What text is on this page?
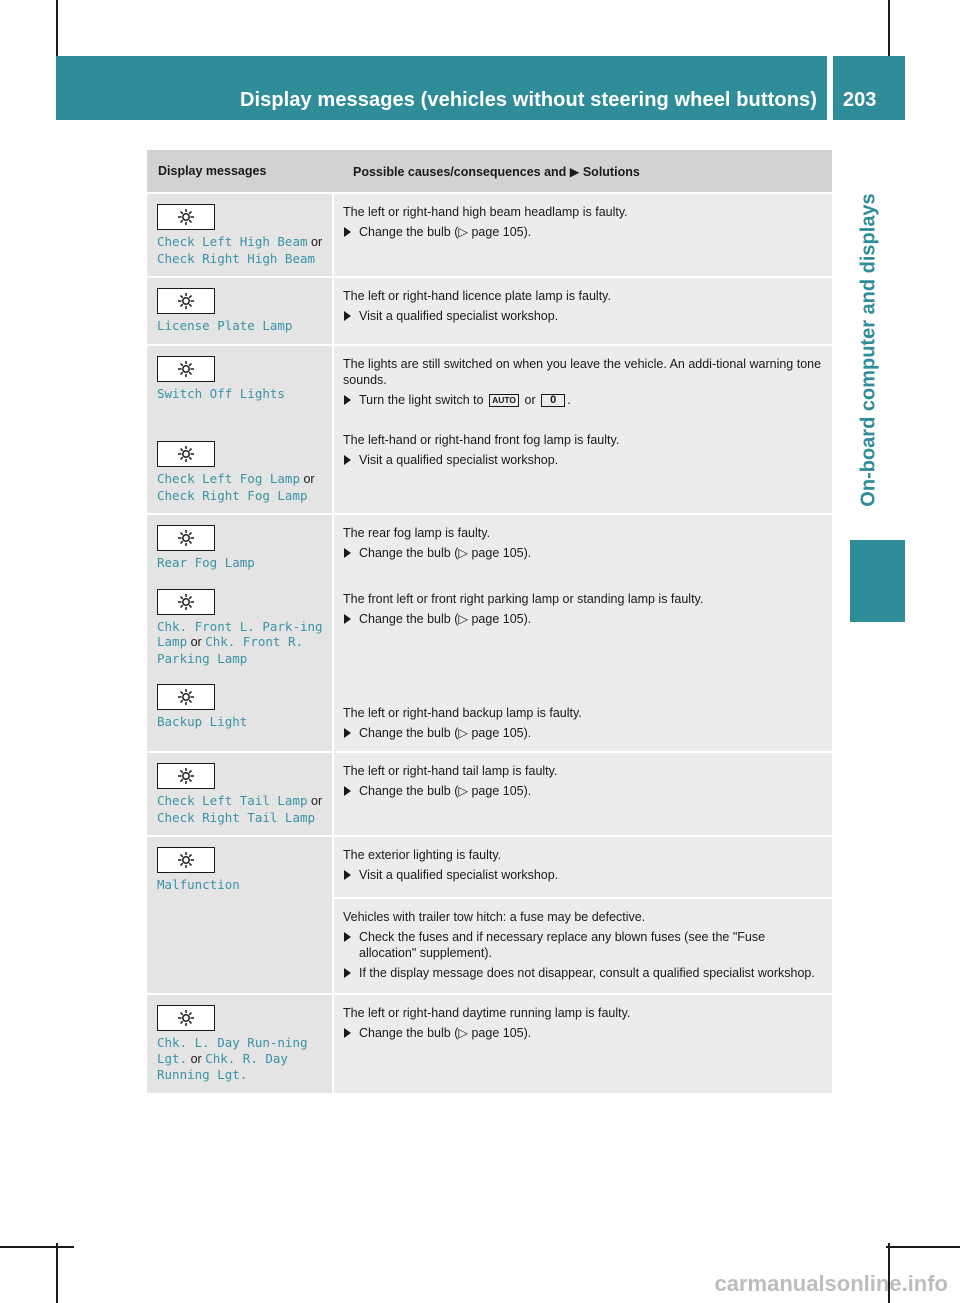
Display messages (vehicles without steering wheel buttons) 203
On-board computer and displays
Display messages	Possible causes/consequences and ▶ Solutions
Check Left High Beam or Check Right High Beam
The left or right-hand high beam headlamp is faulty.
Change the bulb (▷ page 105).
License Plate Lamp
The left or right-hand licence plate lamp is faulty.
Visit a qualified specialist workshop.
Switch Off Lights
Check Left Fog Lamp or Check Right Fog Lamp
The lights are still switched on when you leave the vehicle. An addi-tional warning tone sounds.
Turn the light switch to AUTO or 0 .
The left-hand or right-hand front fog lamp is faulty.
Visit a qualified specialist workshop.
Rear Fog Lamp
Chk. Front L. Park-ing Lamp or Chk. Front R. Parking Lamp
Backup Light
The rear fog lamp is faulty.
Change the bulb (▷ page 105).
The front left or front right parking lamp or standing lamp is faulty.
Change the bulb (▷ page 105).
The left or right-hand backup lamp is faulty.
Change the bulb (▷ page 105).
Check Left Tail Lamp or Check Right Tail Lamp
The left or right-hand tail lamp is faulty.
Change the bulb (▷ page 105).
Malfunction
The exterior lighting is faulty.
Visit a qualified specialist workshop.
Vehicles with trailer tow hitch: a fuse may be defective.
Check the fuses and if necessary replace any blown fuses (see the "Fuse allocation" supplement).
If the display message does not disappear, consult a qualified specialist workshop.
Chk. L. Day Run-ning Lgt. or Chk. R. Day Running Lgt.
The left or right-hand daytime running lamp is faulty.
Change the bulb (▷ page 105).
carmanualsonline.info
